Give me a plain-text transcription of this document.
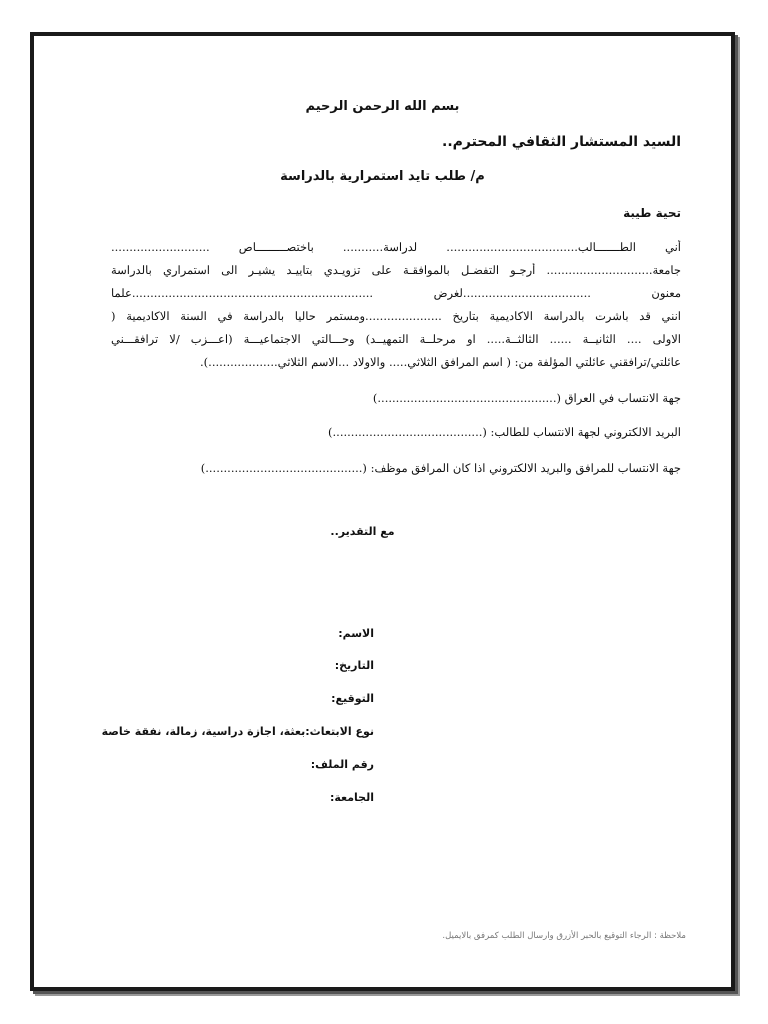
بسم الله الرحمن الرحيم
السيد المستشار الثقافي المحترم..
م/ طلب تايد استمرارية بالدراسة
تحية طيبة
أني الطـــــــالب.................................... لدراسة........... باختصـــــــــاص ...........................
جامعة............................. أرجـو التفضـل بالموافقـة على تزويـدي بتاييـد يشيـر الى استمراري بالدراسة
معنون ...................................لغرض ..................................................................علما
انني قد باشرت بالدراسة الاكاديمية بتاريخ .....................ومستمر حاليا بالدراسة في السنة الاكاديمية (
الاولى .... الثانيــة ...... الثالثــة..... او مرحلــة التمهيــد) وحـــالتي الاجتماعيـــة (اعـــزب /لا ترافقـــني
عائلتي/ترافقني عائلتي المؤلفة من: ( اسم المرافق الثلاثي..... والاولاد ...الاسم الثلاثي...................).
جهة الانتساب في العراق (.................................................)
البريد الالكتروني لجهة الانتساب للطالب: (.........................................)
جهة الانتساب للمرافق والبريد الالكتروني اذا كان المرافق موظف: (...........................................)
مع التقدير..
الاسم:
التاريخ:
التوقيع:
نوع الابتعاث:بعثة، اجازة دراسية، زمالة، نفقة خاصة
رقم الملف:
الجامعة:
ملاحظة : الرجاء التوقيع بالحبر الأزرق وارسال الطلب كمرفق بالايميل.
